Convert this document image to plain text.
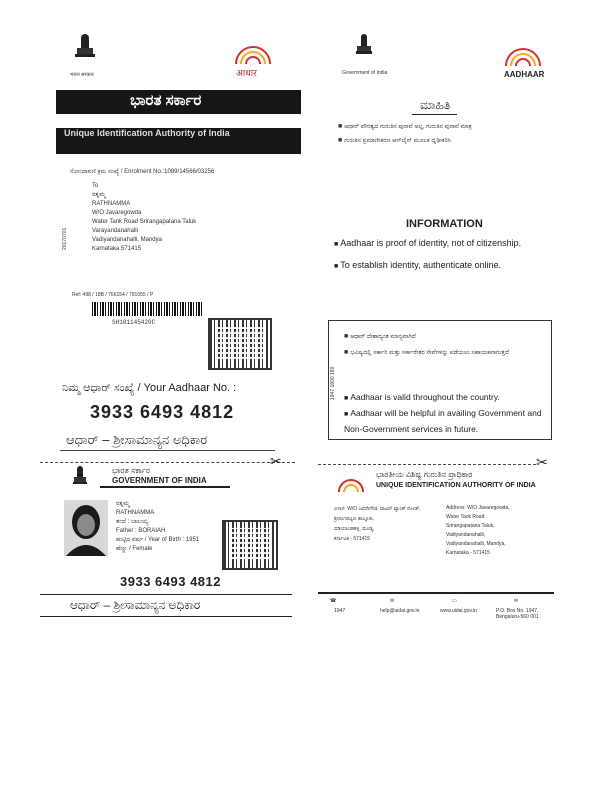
भारत सरकार	आधार
ಭಾರತ ಸರ್ಕಾರ
Unique Identification Authority of India
ನೋಂದಾವಣಿ ಕ್ರಮ ಸಂಖ್ಯೆ / Enrolment No.:1089/14566/03256
To
ರತ್ನಮ್ಮ
RATHNAMMA
W/O Javaregowda
Water Tank Road Srirangapatana Taluk
Varayandanahalli
Vadiyandanahalli, Mandya
Karnataka 571415
20170701
Ref: 498 / 18B / 766154 / 791055 / P
SH101145420C
ನಿಮ್ಮ ಆಧಾರ್ ಸಂಖ್ಯೆ / Your Aadhaar No. :
3933 6493 4812
ಆಧಾರ್ – ಶ್ರೀಸಾಮಾನ್ಯನ ಅಧಿಕಾರ
✂	✂
ಭಾರತ ಸರ್ಕಾರ
GOVERNMENT OF INDIA
ರತ್ನಮ್ಮ
RATHNAMMA
ತಂದೆ : ಬಾಲಯ್ಯ
Father : BORAIAH
ಹುಟ್ಟಿದ ವರ್ಷ / Year of Birth : 1951
ಹೆಣ್ಣು / Female
3933 6493 4812
ಆಧಾರ್ – ಶ್ರೀಸಾಮಾನ್ಯನ ಅಧಿಕಾರ
Government of India	AADHAAR
ಮಾಹಿತಿ
■ ಆಧಾರ್ ಪೌರತ್ವದ ಗುರುತಿನ ಪುರಾವೆ ಅಲ್ಲ, ಗುರುತಿನ ಪುರಾವೆ ಮಾತ್ರ
■ ಗುರುತಿನ ಪ್ರಮಾಣೀಕರಣ ಆನ್‌ಲೈನ್ ಮೂಲಕ ದೃಢೀಕರಿಸಿ
INFORMATION
■ Aadhaar is proof of identity, not of citizenship.
■ To establish identity, authenticate online.
1947 1800 180
■ ಆಧಾರ್ ದೇಶಾದ್ಯಂತ ಮಾನ್ಯವಾಗಿದೆ
■ ಭವಿಷ್ಯದಲ್ಲಿ ಸರ್ಕಾರಿ ಮತ್ತು ಸರ್ಕಾರೇತರ ಸೇವೆಗಳನ್ನು ಪಡೆಯಲು ಸಹಾಯಕವಾಗುತ್ತದೆ
■ Aadhaar is valid throughout the country.
■ Aadhaar will be helpful in availing Government and Non-Government services in future.
ಭಾರತೀಯ ವಿಶಿಷ್ಟ ಗುರುತಿನ ಪ್ರಾಧಿಕಾರ
UNIQUE IDENTIFICATION AUTHORITY OF INDIA
ವಿಳಾಸ: W/O ಜವರೇಗೌಡ, ವಾಟರ್ ಟ್ಯಾಂಕ್ ರೋಡ್,
ಶ್ರೀರಂಗಪಟ್ಟಣ ತಾಲ್ಲೂಕು,
ವಡಿಯಾಂಡಹಳ್ಳಿ, ಮಂಡ್ಯ,
ಕರ್ನಾಟಕ - 571415
Address: W/O Javaregowda,
Water Tank Road
Srirangapatana Taluk,
Vadiyandanahalli,
Vadiyandanahalli, Mandya,
Karnataka - 571415
☎
1947
✉
help@uidai.gov.in
▭
www.uidai.gov.in
✉
P.O. Box No. 1947, Bengaluru-560 001
